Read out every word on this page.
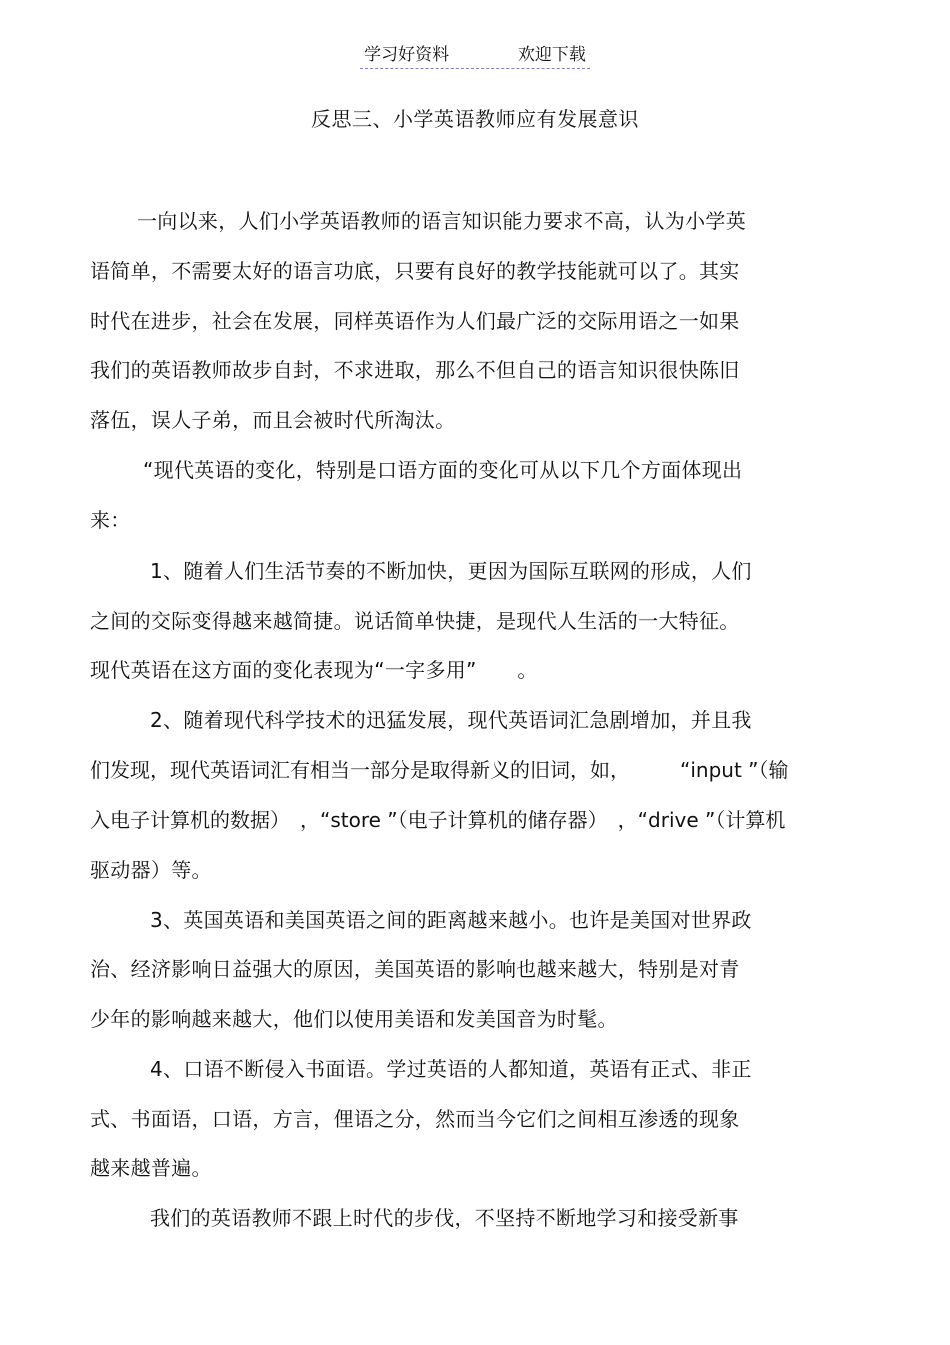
学习好资料	欢迎下载
反思三、小学英语教师应有发展意识
一向以来，人们小学英语教师的语言知识能力要求不高，认为小学英
语简单，不需要太好的语言功底，只要有良好的教学技能就可以了。其实
时代在进步，社会在发展，同样英语作为人们最广泛的交际用语之一如果
我们的英语教师故步自封，不求进取，那么不但自己的语言知识很快陈旧
落伍，误人子弟，而且会被时代所淘汰。
“现代英语的变化，特别是口语方面的变化可从以下几个方面体现出
来：
1、随着人们生活节奏的不断加快，更因为国际互联网的形成，人们
之间的交际变得越来越简捷。说话简单快捷，是现代人生活的一大特征。
现代英语在这方面的变化表现为“一字多用”　　。
2、随着现代科学技术的迅猛发展，现代英语词汇急剧增加，并且我
们发现，现代英语词汇有相当一部分是取得新义的旧词，如，　　　“input ”（输
入电子计算机的数据）　，“store ”（电子计算机的储存器）　，“drive ”（计算机
驱动器）等。
3、英国英语和美国英语之间的距离越来越小。也许是美国对世界政
治、经济影响日益强大的原因，美国英语的影响也越来越大，特别是对青
少年的影响越来越大，他们以使用美语和发美国音为时髦。
4、口语不断侵入书面语。学过英语的人都知道，英语有正式、非正
式、书面语，口语，方言，俚语之分，然而当今它们之间相互渗透的现象
越来越普遍。
我们的英语教师不跟上时代的步伐，不坚持不断地学习和接受新事
